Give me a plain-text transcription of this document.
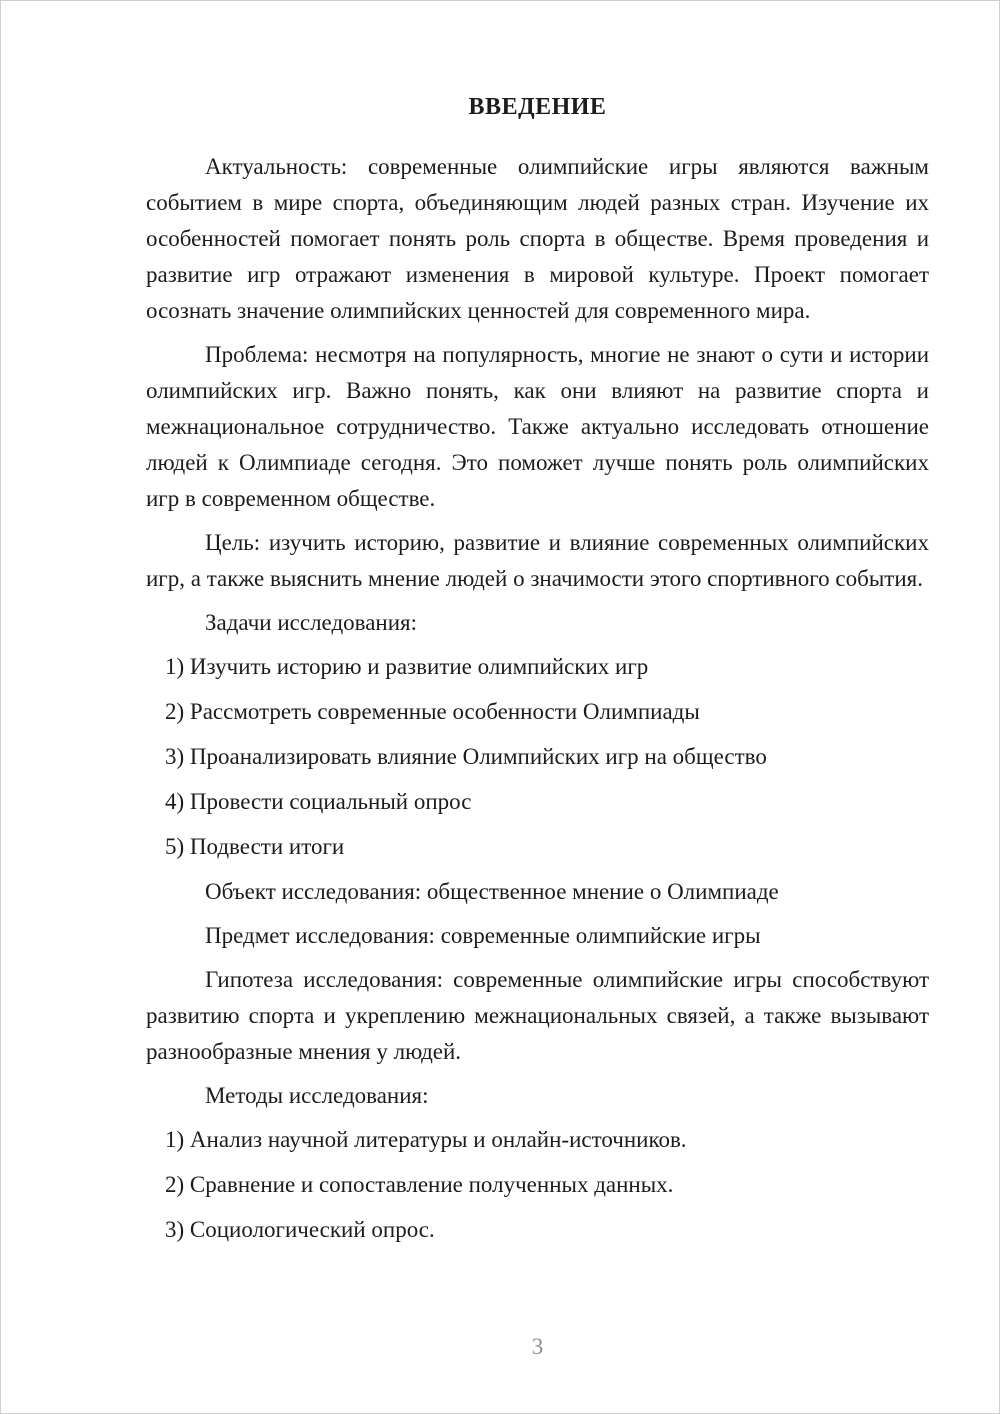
ВВЕДЕНИЕ

Актуальность: современные олимпийские игры являются важным событием в мире спорта, объединяющим людей разных стран. Изучение их особенностей помогает понять роль спорта в обществе. Время проведения и развитие игр отражают изменения в мировой культуре. Проект помогает осознать значение олимпийских ценностей для современного мира.

Проблема: несмотря на популярность, многие не знают о сути и истории олимпийских игр. Важно понять, как они влияют на развитие спорта и межнациональное сотрудничество. Также актуально исследовать отношение людей к Олимпиаде сегодня. Это поможет лучше понять роль олимпийских игр в современном обществе.

Цель: изучить историю, развитие и влияние современных олимпийских игр, а также выяснить мнение людей о значимости этого спортивного события.

Задачи исследования:

1) Изучить историю и развитие олимпийских игр

2) Рассмотреть современные особенности Олимпиады

3) Проанализировать влияние Олимпийских игр на общество

4) Провести социальный опрос

5) Подвести итоги

Объект исследования: общественное мнение о Олимпиаде

Предмет исследования: современные олимпийские игры

Гипотеза исследования: современные олимпийские игры способствуют развитию спорта и укреплению межнациональных связей, а также вызывают разнообразные мнения у людей.

Методы исследования:

1) Анализ научной литературы и онлайн-источников.

2) Сравнение и сопоставление полученных данных.

3) Социологический опрос.

3
